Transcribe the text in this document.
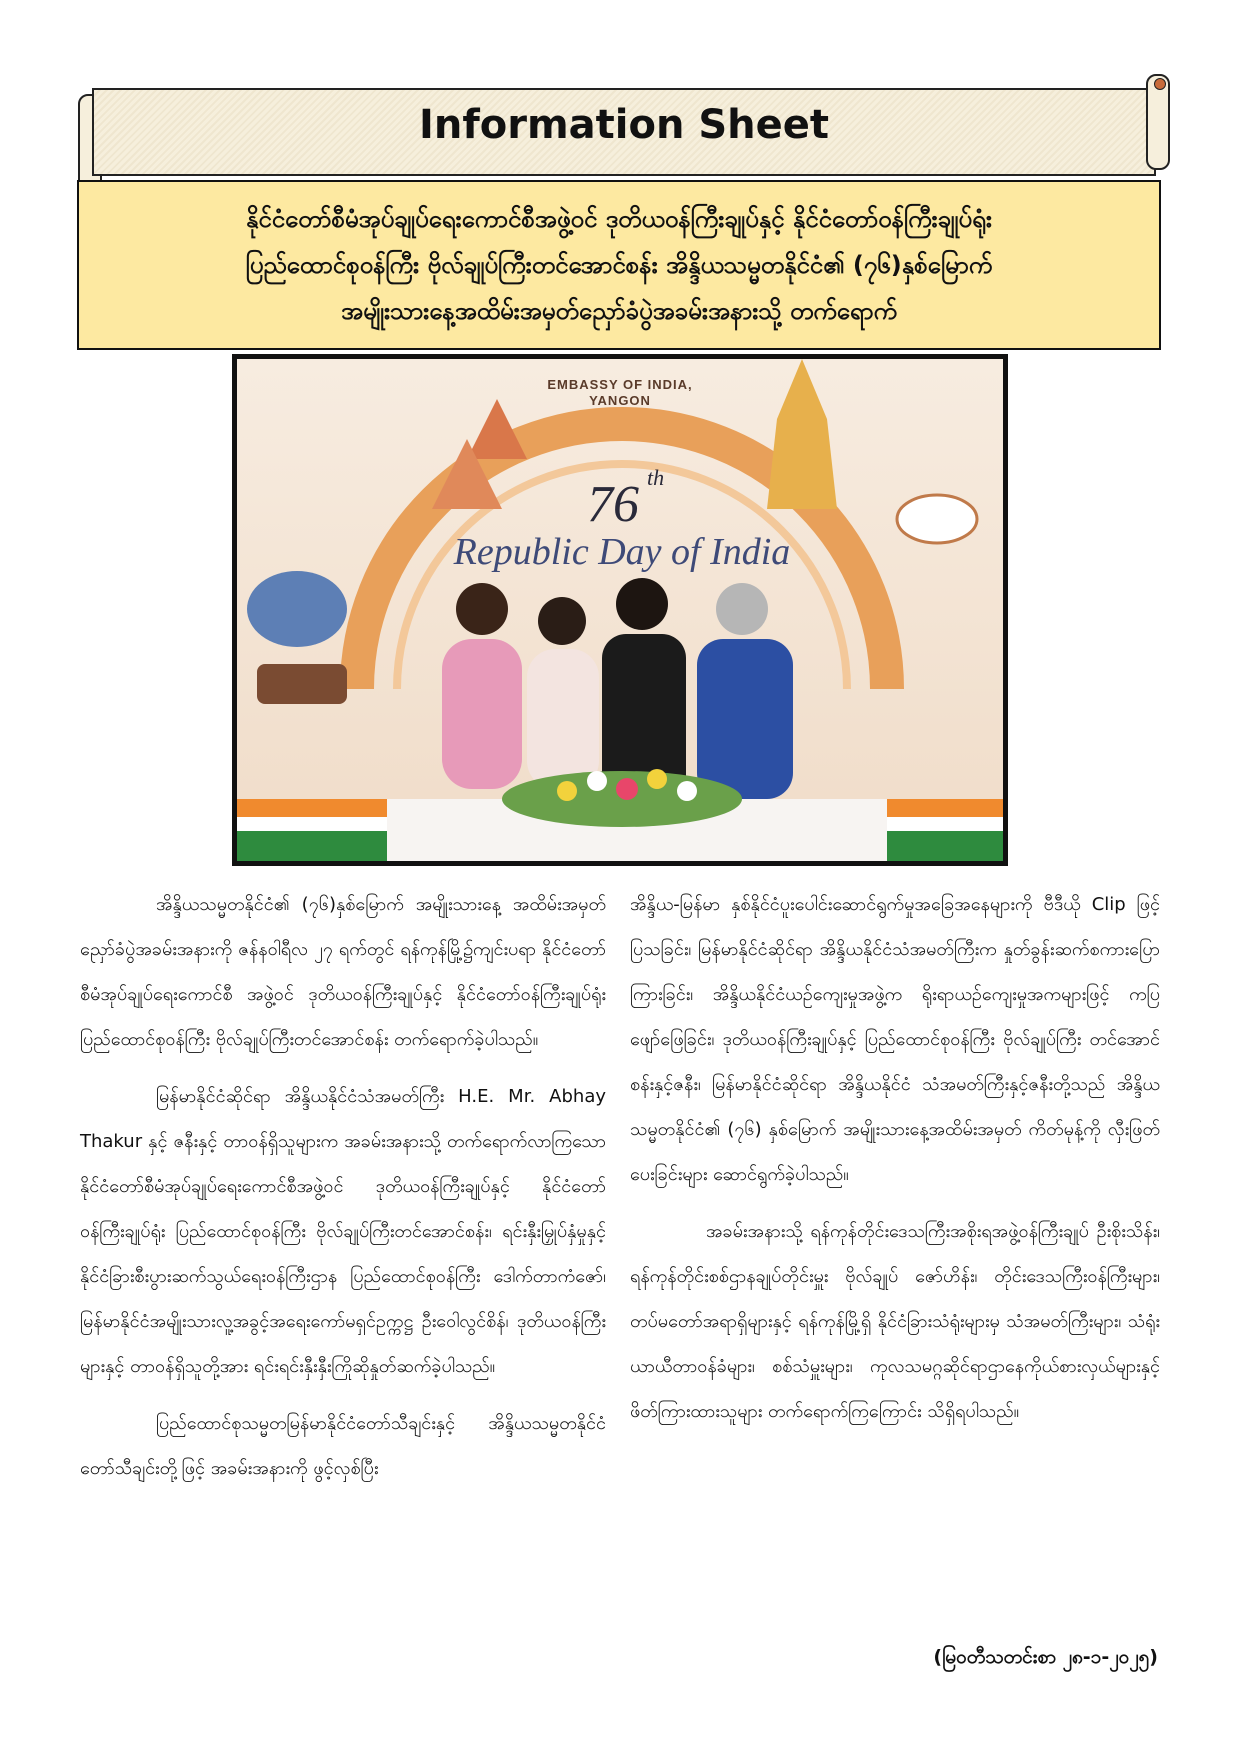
Information Sheet
နိုင်ငံတော်စီမံအုပ်ချုပ်ရေးကောင်စီအဖွဲ့ဝင် ဒုတိယဝန်ကြီးချုပ်နှင့် နိုင်ငံတော်ဝန်ကြီးချုပ်ရုံး
ပြည်ထောင်စုဝန်ကြီး ဗိုလ်ချုပ်ကြီးတင်အောင်စန်း အိန္ဒိယသမ္မတနိုင်ငံ၏ (၇၆)နှစ်မြောက်
အမျိုးသားနေ့အထိမ်းအမှတ်ညှော်ခံပွဲအခမ်းအနားသို့ တက်ရောက်
EMBASSY OF INDIA,
YANGON
76 th
Republic Day of India

အိန္ဒိယသမ္မတနိုင်ငံ၏ (၇၆)နှစ်မြောက် အမျိုးသားနေ့ အထိမ်းအမှတ်ညှော်ခံပွဲအခမ်းအနားကို ဇန်နဝါရီလ ၂၇ ရက်တွင် ရန်ကုန်မြို့၌ကျင်းပရာ နိုင်ငံတော်စီမံအုပ်ချုပ်ရေးကောင်စီ အဖွဲ့ဝင် ဒုတိယဝန်ကြီးချုပ်နှင့် နိုင်ငံတော်ဝန်ကြီးချုပ်ရုံး ပြည်ထောင်စုဝန်ကြီး ဗိုလ်ချုပ်ကြီးတင်အောင်စန်း တက်ရောက်ခဲ့ပါသည်။

မြန်မာနိုင်ငံဆိုင်ရာ အိန္ဒိယနိုင်ငံသံအမတ်ကြီး H.E. Mr. Abhay Thakur နှင့် ဇနီးနှင့် တာဝန်ရှိသူများက အခမ်းအနားသို့ တက်ရောက်လာကြသောနိုင်ငံတော်စီမံအုပ်ချုပ်ရေးကောင်စီအဖွဲ့ဝင် ဒုတိယဝန်ကြီးချုပ်နှင့် နိုင်ငံတော်ဝန်ကြီးချုပ်ရုံး ပြည်ထောင်စုဝန်ကြီး ဗိုလ်ချုပ်ကြီးတင်အောင်စန်း၊ ရင်းနှီးမြှုပ်နှံမှုနှင့် နိုင်ငံခြားစီးပွားဆက်သွယ်ရေးဝန်ကြီးဌာန ပြည်ထောင်စုဝန်ကြီး ဒေါက်တာကံဇော်၊ မြန်မာနိုင်ငံအမျိုးသားလူ့အခွင့်အရေးကော်မရှင်ဥက္ကဋ္ဌ ဦးဝေါလွင်စိန်၊ ဒုတိယဝန်ကြီးများနှင့် တာဝန်ရှိသူတို့အား ရင်းရင်းနှီးနှီးကြိုဆိုနှုတ်ဆက်ခဲ့ပါသည်။

ပြည်ထောင်စုသမ္မတမြန်မာနိုင်ငံတော်သီချင်းနှင့် အိန္ဒိယသမ္မတနိုင်ငံတော်သီချင်းတို့ဖြင့် အခမ်းအနားကို ဖွင့်လှစ်ပြီး

အိန္ဒိယ-မြန်မာ နှစ်နိုင်ငံပူးပေါင်းဆောင်ရွက်မှုအခြေအနေများကို ဗီဒီယို Clip ဖြင့် ပြသခြင်း၊ မြန်မာနိုင်ငံဆိုင်ရာ အိန္ဒိယနိုင်ငံသံအမတ်ကြီးက နှုတ်ခွန်းဆက်စကားပြောကြားခြင်း၊ အိန္ဒိယနိုင်ငံယဉ်ကျေးမှုအဖွဲ့က ရိုးရာယဉ်ကျေးမှုအကများဖြင့် ကပြဖျော်ဖြေခြင်း၊ ဒုတိယဝန်ကြီးချုပ်နှင့် ပြည်ထောင်စုဝန်ကြီး ဗိုလ်ချုပ်ကြီး တင်အောင်စန်းနှင့်ဇနီး၊ မြန်မာနိုင်ငံဆိုင်ရာ အိန္ဒိယနိုင်ငံ သံအမတ်ကြီးနှင့်ဇနီးတို့သည် အိန္ဒိယသမ္မတနိုင်ငံ၏ (၇၆) နှစ်မြောက် အမျိုးသားနေ့အထိမ်းအမှတ် ကိတ်မုန့်ကို လှီးဖြတ်ပေးခြင်းများ ဆောင်ရွက်ခဲ့ပါသည်။

အခမ်းအနားသို့ ရန်ကုန်တိုင်းဒေသကြီးအစိုးရအဖွဲ့ဝန်ကြီးချုပ် ဦးစိုးသိန်း၊ ရန်ကုန်တိုင်းစစ်ဌာနချုပ်တိုင်းမှူး ဗိုလ်ချုပ် ဇော်ဟိန်း၊ တိုင်းဒေသကြီးဝန်ကြီးများ၊ တပ်မတော်အရာရှိများနှင့် ရန်ကုန်မြို့ရှိ နိုင်ငံခြားသံရုံးများမှ သံအမတ်ကြီးများ၊ သံရုံးယာယီတာဝန်ခံများ၊ စစ်သံမှူးများ၊ ကုလသမဂ္ဂဆိုင်ရာဌာနေကိုယ်စားလှယ်များနှင့် ဖိတ်ကြားထားသူများ တက်ရောက်ကြကြောင်း သိရှိရပါသည်။

(မြဝတီသတင်းစာ ၂၈-၁-၂၀၂၅)
